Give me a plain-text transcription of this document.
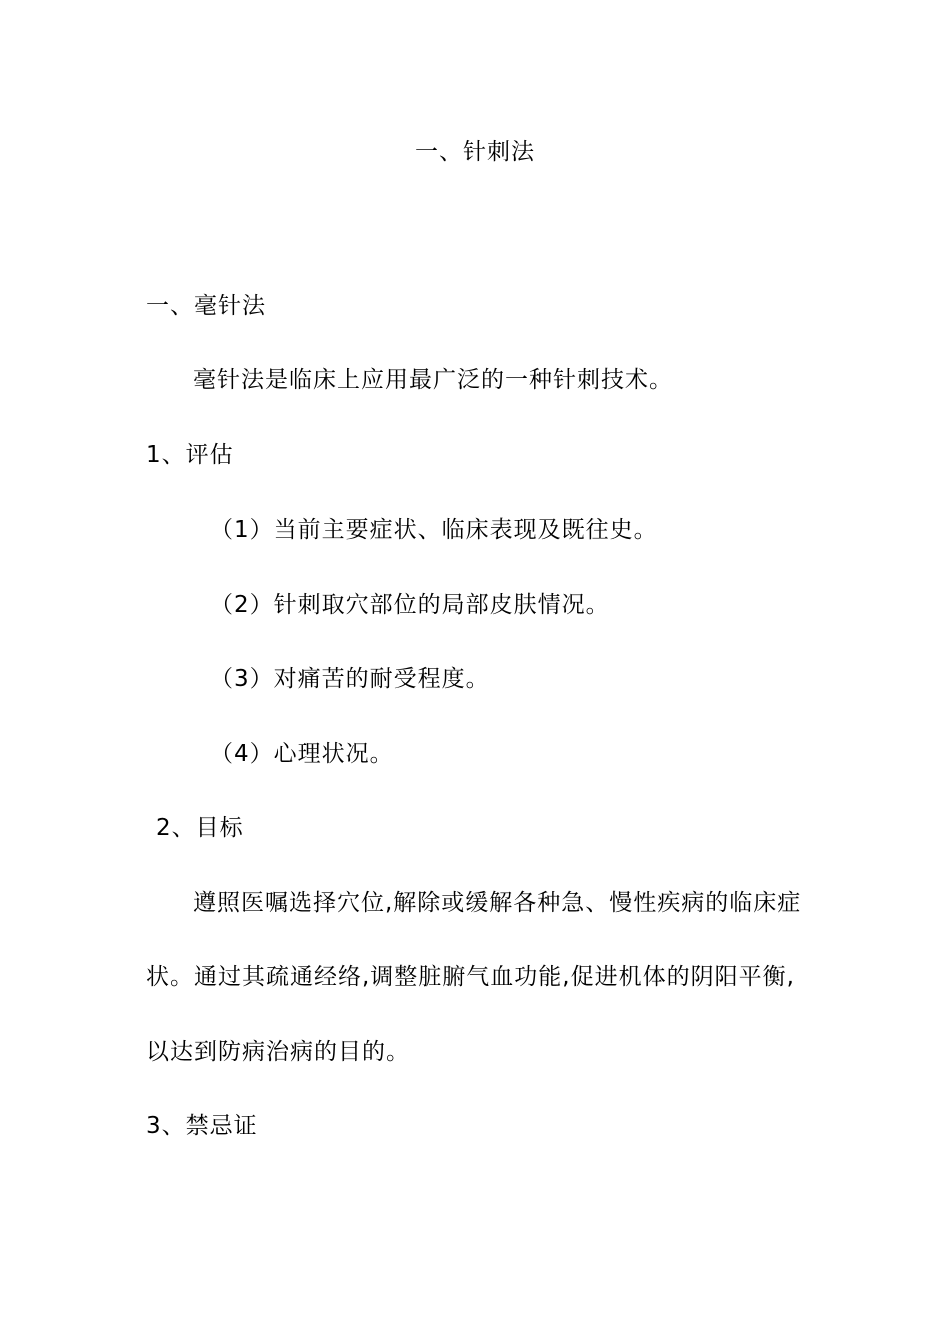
一、针刺法
一、毫针法
毫针法是临床上应用最广泛的一种针刺技术。
1、评估
（1）当前主要症状、临床表现及既往史。
（2）针刺取穴部位的局部皮肤情况。
（3）对痛苦的耐受程度。
（4）心理状况。
2、目标
遵照医嘱选择穴位,解除或缓解各种急、慢性疾病的临床症
状。通过其疏通经络,调整脏腑气血功能,促进机体的阴阳平衡,
以达到防病治病的目的。
3、禁忌证
